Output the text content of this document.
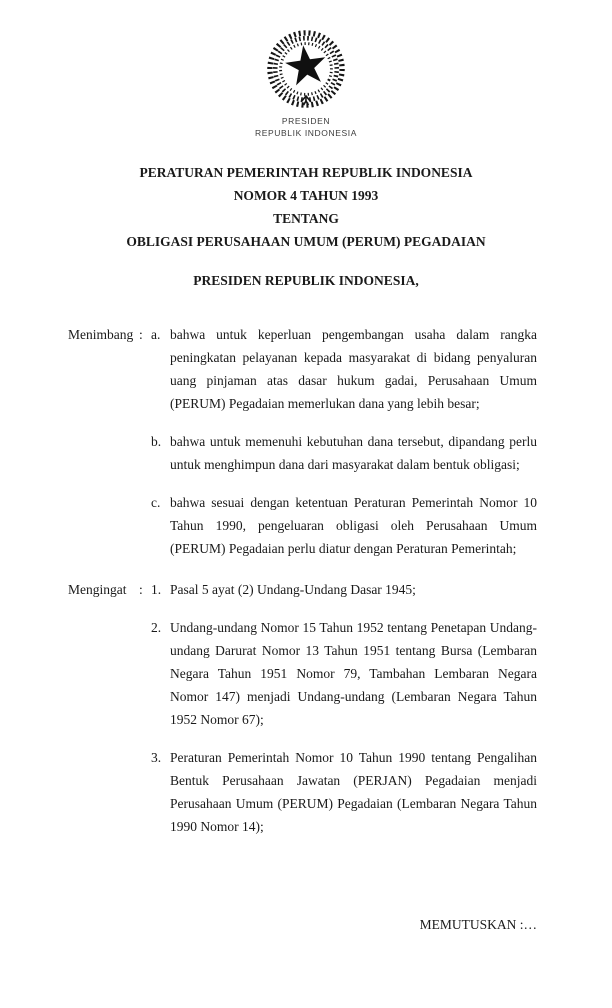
PRESIDEN
REPUBLIK INDONESIA
PERATURAN PEMERINTAH REPUBLIK INDONESIA
NOMOR 4 TAHUN 1993
TENTANG
OBLIGASI PERUSAHAAN UMUM (PERUM) PEGADAIAN
PRESIDEN REPUBLIK INDONESIA,
Menimbang : a. bahwa untuk keperluan pengembangan usaha dalam rangka peningkatan pelayanan kepada masyarakat di bidang penyaluran uang pinjaman atas dasar hukum gadai, Perusahaan Umum (PERUM) Pegadaian memerlukan dana yang lebih besar;

b. bahwa untuk memenuhi kebutuhan dana tersebut, dipandang perlu untuk menghimpun dana dari masyarakat dalam bentuk obligasi;

c. bahwa sesuai dengan ketentuan Peraturan Pemerintah Nomor 10 Tahun 1990, pengeluaran obligasi oleh Perusahaan Umum (PERUM) Pegadaian perlu diatur dengan Peraturan Pemerintah;

Mengingat : 1. Pasal 5 ayat (2) Undang-Undang Dasar 1945;

2. Undang-undang Nomor 15 Tahun 1952 tentang Penetapan Undang-undang Darurat Nomor 13 Tahun 1951 tentang Bursa (Lembaran Negara Tahun 1951 Nomor 79, Tambahan Lembaran Negara Nomor 147) menjadi Undang-undang (Lembaran Negara Tahun 1952 Nomor 67);

3. Peraturan Pemerintah Nomor 10 Tahun 1990 tentang Pengalihan Bentuk Perusahaan Jawatan (PERJAN) Pegadaian menjadi Perusahaan Umum (PERUM) Pegadaian (Lembaran Negara Tahun 1990 Nomor 14);

MEMUTUSKAN :…
